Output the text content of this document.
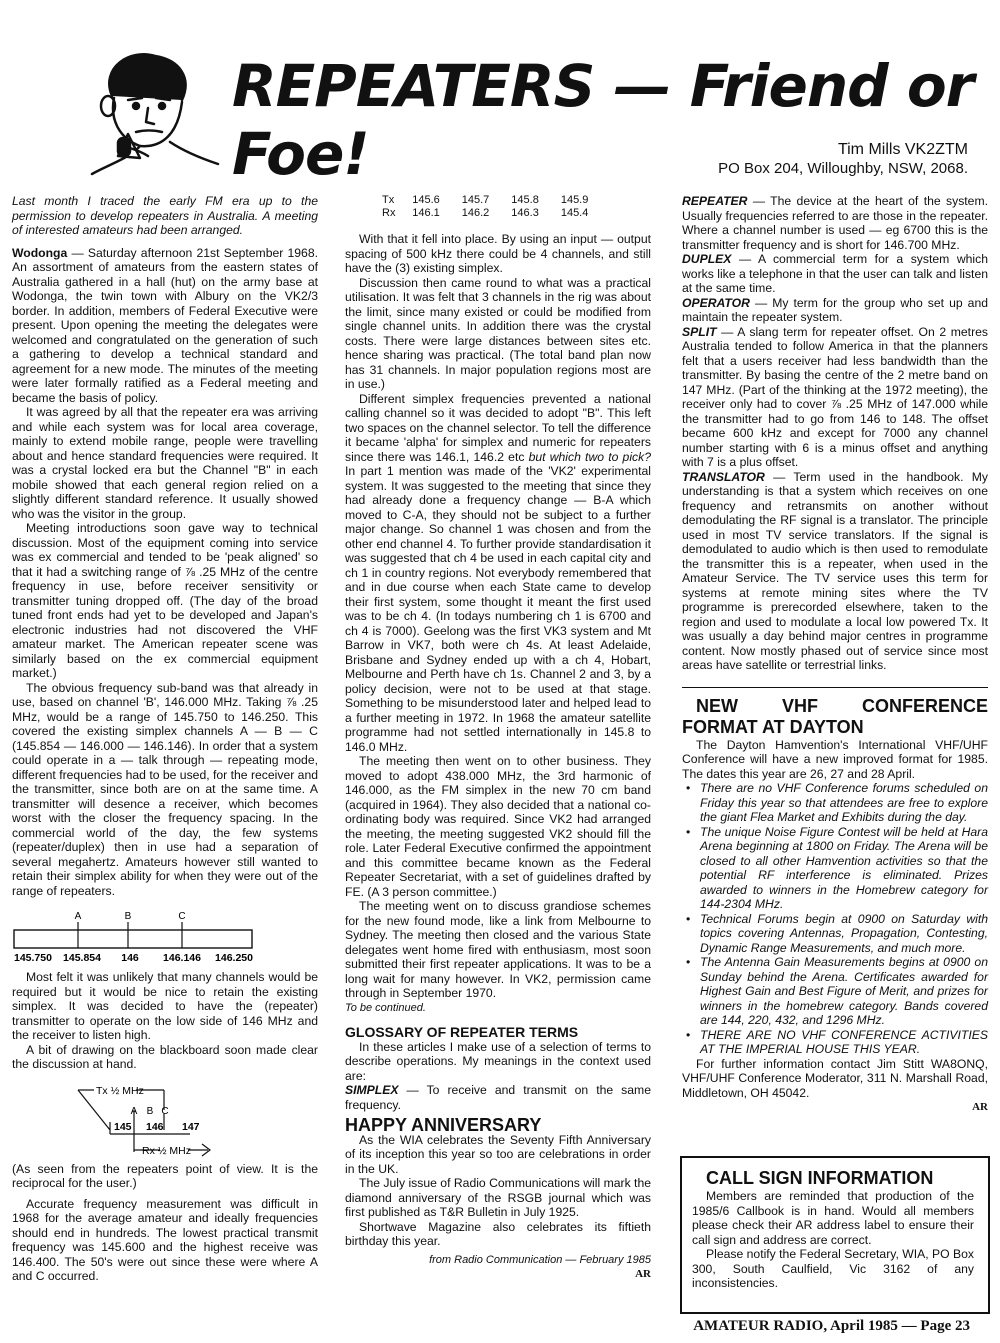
REPEATERS — Friend or Foe!	Tim Mills VK2ZTM
PO Box 204, Willoughby, NSW, 2068.

Last month I traced the early FM era up to the permission to develop repeaters in Australia. A meeting of interested amateurs had been arranged.

Wodonga — Saturday afternoon 21st September 1968. An assortment of amateurs from the eastern states of Australia gathered in a hall (hut) on the army base at Wodonga, the twin town with Albury on the VK2/3 border. In addition, members of Federal Executive were present. Upon opening the meeting the delegates were welcomed and congratulated on the generation of such a gathering to develop a technical standard and agreement for a new mode. The minutes of the meeting were later formally ratified as a Federal meeting and became the basis of policy.

It was agreed by all that the repeater era was arriving and while each system was for local area coverage, mainly to extend mobile range, people were travelling about and hence standard frequencies were required. It was a crystal locked era but the Channel "B" in each mobile showed that each general region relied on a slightly different standard reference. It usually showed who was the visitor in the group.

Meeting introductions soon gave way to technical discussion. Most of the equipment coming into service was ex commercial and tended to be 'peak aligned' so that it had a switching range of ⅞ .25 MHz of the centre frequency in use, before receiver sensitivity or transmitter tuning dropped off. (The day of the broad tuned front ends had yet to be developed and Japan's electronic industries had not discovered the VHF amateur market. The American repeater scene was similarly based on the ex commercial equipment market.)

The obvious frequency sub-band was that already in use, based on channel 'B', 146.000 MHz. Taking ⅞ .25 MHz, would be a range of 145.750 to 146.250. This covered the existing simplex channels A — B — C (145.854 — 146.000 — 146.146). In order that a system could operate in a — talk through — repeating mode, different frequencies had to be used, for the receiver and the transmitter, since both are on at the same time. A transmitter will desence a receiver, which becomes worst with the closer the frequency spacing. In the commercial world of the day, the few systems (repeater/duplex) then in use had a separation of several megahertz. Amateurs however still wanted to retain their simplex ability for when they were out of the range of repeaters.

A	B	C
145.750 145.854 146 146.146 146.250

Most felt it was unlikely that many channels would be required but it would be nice to retain the existing simplex. It was decided to have the (repeater) transmitter to operate on the low side of 146 MHz and the receiver to listen high.

A bit of drawing on the blackboard soon made clear the discussion at hand.

Tx ½ MHz
A B C
145 146 147
Rx ½ MHz

(As seen from the repeaters point of view. It is the reciprocal for the user.)

Accurate frequency measurement was difficult in 1968 for the average amateur and ideally frequencies should end in hundreds. The lowest practical transmit frequency was 145.600 and the highest receive was 146.400. The 50's were out since these were where A and C occurred.

Tx	145.6	145.7	145.8	145.9
Rx	146.1	146.2	146.3	145.4

With that it fell into place. By using an input — output spacing of 500 kHz there could be 4 channels, and still have the (3) existing simplex.

Discussion then came round to what was a practical utilisation. It was felt that 3 channels in the rig was about the limit, since many existed or could be modified from single channel units. In addition there was the crystal costs. There were large distances between sites etc. hence sharing was practical. (The total band plan now has 31 channels. In major population regions most are in use.)

Different simplex frequencies prevented a national calling channel so it was decided to adopt "B". This left two spaces on the channel selector. To tell the difference it became 'alpha' for simplex and numeric for repeaters since there was 146.1, 146.2 etc but which two to pick? In part 1 mention was made of the 'VK2' experimental system. It was suggested to the meeting that since they had already done a frequency change — B-A which moved to C-A, they should not be subject to a further major change. So channel 1 was chosen and from the other end channel 4. To further provide standardisation it was suggested that ch 4 be used in each capital city and ch 1 in country regions. Not everybody remembered that and in due course when each State came to develop their first system, some thought it meant the first used was to be ch 4. (In todays numbering ch 1 is 6700 and ch 4 is 7000). Geelong was the first VK3 system and Mt Barrow in VK7, both were ch 4s. At least Adelaide, Brisbane and Sydney ended up with a ch 4, Hobart, Melbourne and Perth have ch 1s. Channel 2 and 3, by a policy decision, were not to be used at that stage. Something to be misunderstood later and helped lead to a further meeting in 1972. In 1968 the amateur satellite programme had not settled internationally in 145.8 to 146.0 MHz.

The meeting then went on to other business. They moved to adopt 438.000 MHz, the 3rd harmonic of 146.000, as the FM simplex in the new 70 cm band (acquired in 1964). They also decided that a national co-ordinating body was required. Since VK2 had arranged the meeting, the meeting suggested VK2 should fill the role. Later Federal Executive confirmed the appointment and this committee became known as the Federal Repeater Secretariat, with a set of guidelines drafted by FE. (A 3 person committee.)

The meeting went on to discuss grandiose schemes for the new found mode, like a link from Melbourne to Sydney. The meeting then closed and the various State delegates went home fired with enthusiasm, most soon submitted their first repeater applications. It was to be a long wait for many however. In VK2, permission came through in September 1970.

To be continued.

GLOSSARY OF REPEATER TERMS

In these articles I make use of a selection of terms to describe operations. My meanings in the context used are:

SIMPLEX — To receive and transmit on the same frequency.

HAPPY ANNIVERSARY

As the WIA celebrates the Seventy Fifth Anniversary of its inception this year so too are celebrations in order in the UK.

The July issue of Radio Communications will mark the diamond anniversary of the RSGB journal which was first published as T&R Bulletin in July 1925.

Shortwave Magazine also celebrates its fiftieth birthday this year.

from Radio Communication — February 1985

AR

REPEATER — The device at the heart of the system. Usually frequencies referred to are those in the repeater. Where a channel number is used — eg 6700 this is the transmitter frequency and is short for 146.700 MHz.

DUPLEX — A commercial term for a system which works like a telephone in that the user can talk and listen at the same time.

OPERATOR — My term for the group who set up and maintain the repeater system.

SPLIT — A slang term for repeater offset. On 2 metres Australia tended to follow America in that the planners felt that a users receiver had less bandwidth than the transmitter. By basing the centre of the 2 metre band on 147 MHz. (Part of the thinking at the 1972 meeting), the receiver only had to cover ⅞ .25 MHz of 147.000 while the transmitter had to go from 146 to 148. The offset became 600 kHz and except for 7000 any channel number starting with 6 is a minus offset and anything with 7 is a plus offset.

TRANSLATOR — Term used in the handbook. My understanding is that a system which receives on one frequency and retransmits on another without demodulating the RF signal is a translator. The principle used in most TV service translators. If the signal is demodulated to audio which is then used to remodulate the transmitter this is a repeater, when used in the Amateur Service. The TV service uses this term for systems at remote mining sites where the TV programme is prerecorded elsewhere, taken to the region and used to modulate a local low powered Tx. It was usually a day behind major centres in programme content. Now mostly phased out of service since most areas have satellite or terrestrial links.

NEW VHF CONFERENCE FORMAT AT DAYTON

The Dayton Hamvention's International VHF/UHF Conference will have a new improved format for 1985. The dates this year are 26, 27 and 28 April.

• There are no VHF Conference forums scheduled on Friday this year so that attendees are free to explore the giant Flea Market and Exhibits during the day.
• The unique Noise Figure Contest will be held at Hara Arena beginning at 1800 on Friday. The Arena will be closed to all other Hamvention activities so that the potential RF interference is eliminated. Prizes awarded to winners in the Homebrew category for 144-2304 MHz.
• Technical Forums begin at 0900 on Saturday with topics covering Antennas, Propagation, Contesting, Dynamic Range Measurements, and much more.
• The Antenna Gain Measurements begins at 0900 on Sunday behind the Arena. Certificates awarded for Highest Gain and Best Figure of Merit, and prizes for winners in the homebrew category. Bands covered are 144, 220, 432, and 1296 MHz.
• THERE ARE NO VHF CONFERENCE ACTIVITIES AT THE IMPERIAL HOUSE THIS YEAR.

For further information contact Jim Stitt WA8ONQ, VHF/UHF Conference Moderator, 311 N. Marshall Road, Middletown, OH 45042.

AR

CALL SIGN INFORMATION

Members are reminded that production of the 1985/6 Callbook is in hand. Would all members please check their AR address label to ensure their call sign and address are correct.

Please notify the Federal Secretary, WIA, PO Box 300, South Caulfield, Vic 3162 of any inconsistencies.

AMATEUR RADIO, April 1985 — Page 23
